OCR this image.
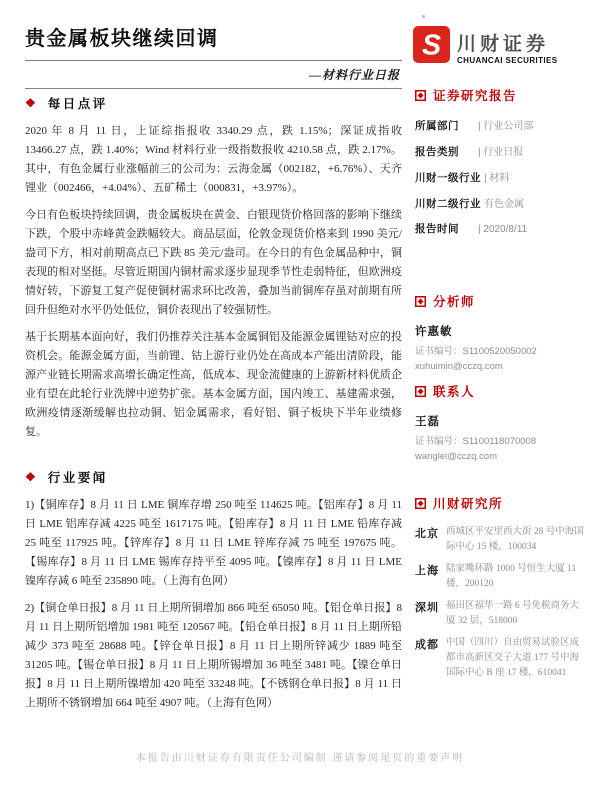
贵金属板块继续回调
—材料行业日报
S 川财证券
CHUANCAI SECURITIES
❖ 每日点评

2020 年 8 月 11 日，上证综指报收 3340.29 点，跌 1.15%；深证成指收 13466.27 点，跌 1.40%；Wind 材料行业一级指数报收 4210.58 点，跌 2.17%。其中，有色金属行业涨幅前三的公司为：云海金属（002182，+6.76%）、天齐锂业（002466，+4.04%）、五矿稀土（000831，+3.97%）。

今日有色板块持续回调，贵金属板块在黄金、白银现货价格回落的影响下继续下跌，个股中赤峰黄金跌幅较大。商品层面，伦敦金现货价格来到 1990 美元/盎司下方，相对前期高点已下跌 85 美元/盎司。在今日的有色金属品种中，铜表现的相对坚挺。尽管近期国内铜材需求逐步显现季节性走弱特征，但欧洲疫情好转，下游复工复产促使铜材需求环比改善，叠加当前铜库存虽对前期有所回升但绝对水平仍处低位，铜价表现出了较强韧性。

基于长期基本面向好，我们仍推荐关注基本金属铜铝及能源金属锂钴对应的投资机会。能源金属方面，当前锂、钴上游行业仍处在高成本产能出清阶段，能源产业链长期需求高增长确定性高，低成本、现金流健康的上游新材料优质企业有望在此轮行业洗牌中逆势扩张。基本金属方面，国内竣工、基建需求强，欧洲疫情逐渐缓解也拉动铜、铝金属需求，看好铝、铜子板块下半年业绩修复。

❖ 行业要闻

1)【铜库存】8 月 11 日 LME 铜库存增 250 吨至 114625 吨。【铝库存】8 月 11 日 LME 铝库存减 4225 吨至 1617175 吨。【铅库存】8 月 11 日 LME 铅库存减 25 吨至 117925 吨。【锌库存】8 月 11 日 LME 锌库存减 75 吨至 197675 吨。【锡库存】8 月 11 日 LME 锡库存持平至 4095 吨。【镍库存】8 月 11 日 LME 镍库存减 6 吨至 235890 吨。（上海有色网）

2)【铜仓单日报】8 月 11 日上期所铜增加 866 吨至 65050 吨。【铝仓单日报】8 月 11 日上期所铝增加 1981 吨至 120567 吨。【铅仓单日报】8 月 11 日上期所铅减少 373 吨至 28688 吨。【锌仓单日报】8 月 11 日上期所锌减少 1889 吨至 31205 吨。【锡仓单日报】8 月 11 日上期所锡增加 36 吨至 3481 吨。【镍仓单日报】8 月 11 日上期所镍增加 420 吨至 33248 吨。【不锈钢仓单日报】8 月 11 日上期所不锈钢增加 664 吨至 4907 吨。（上海有色网）

证券研究报告
所属部门	| 行业公司部
报告类别	| 行业日报
川财一级行业 | 材料
川财二级行业 有色金属
报告时间	| 2020/8/11
分析师
许惠敏
证书编号：S1100520050002
xuhuimin@cczq.com
联系人
王磊
证书编号：S1100118070008
wanglei@cczq.com
川财研究所
北京 西城区平安里西大街 28 号中海国际中心 15 楼，100034
上海 陆家嘴环路 1000 号恒生大厦 11 楼，200120
深圳 福田区福华一路 6 号免税商务大厦 32 层，518000
成都 中国（四川）自由贸易试验区成都市高新区交子大道 177 号中海国际中心 B 座 17 楼，610041
本报告由川财证券有限责任公司编制 谨请参阅尾页的重要声明
